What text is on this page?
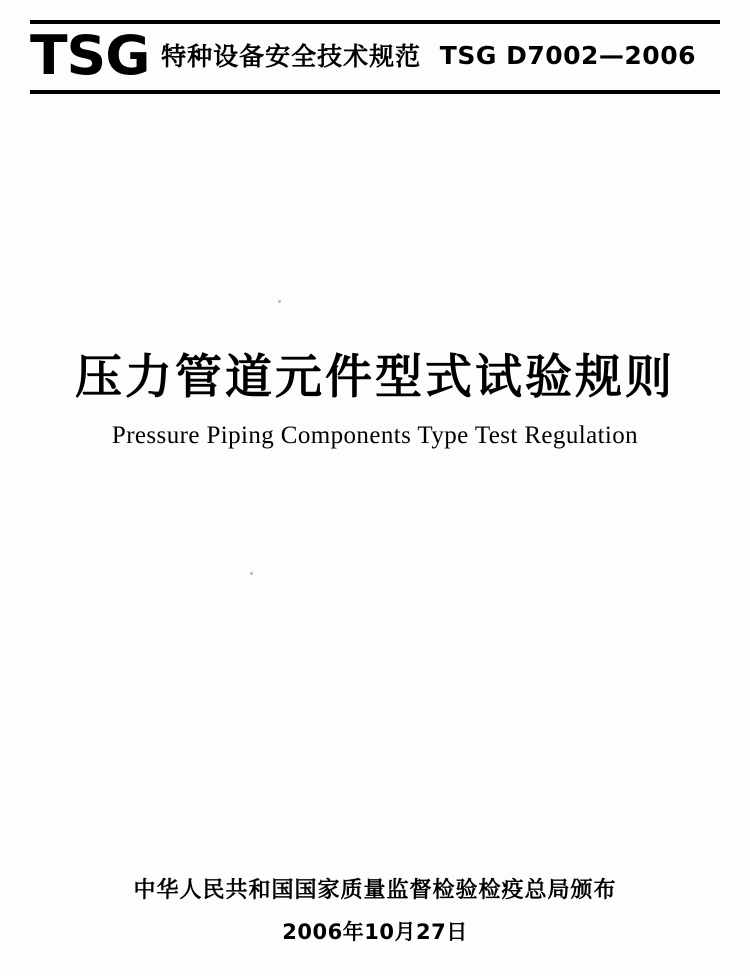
TSG 特种设备安全技术规范 TSG D7002—2006
压力管道元件型式试验规则
Pressure Piping Components Type Test Regulation
中华人民共和国国家质量监督检验检疫总局颁布
2006年10月27日
